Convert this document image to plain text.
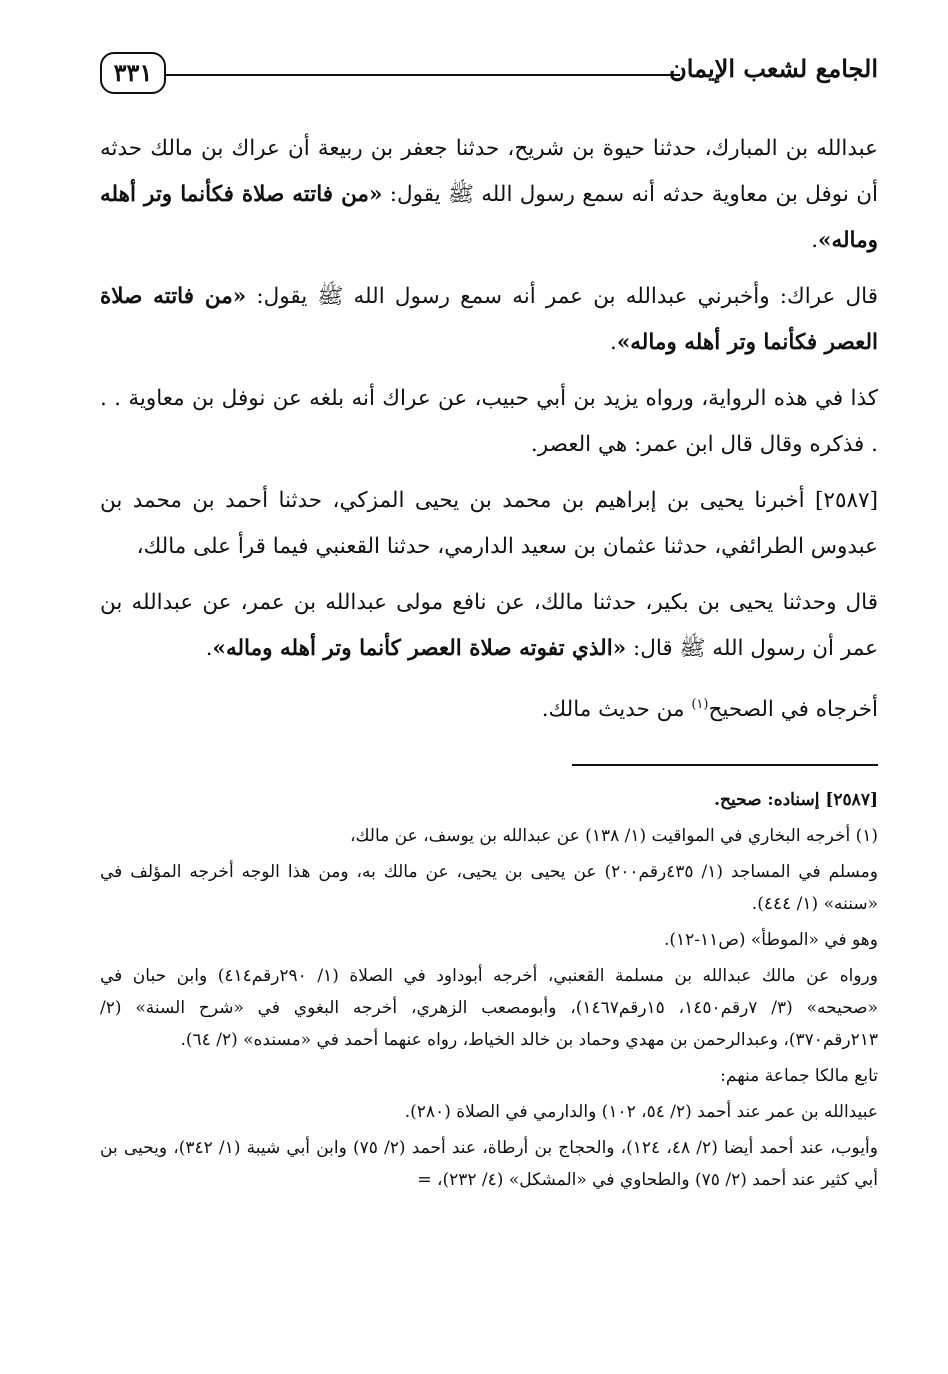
٣٣١	الجامع لشعب الإيمان

عبدالله بن المبارك، حدثنا حيوة بن شريح، حدثنا جعفر بن ربيعة أن عراك بن مالك حدثه أن نوفل بن معاوية حدثه أنه سمع رسول الله ﷺ يقول: «من فاتته صلاة فكأنما وتر أهله وماله».

قال عراك: وأخبرني عبدالله بن عمر أنه سمع رسول الله ﷺ يقول: «من فاتته صلاة العصر فكأنما وتر أهله وماله».

كذا في هذه الرواية، ورواه يزيد بن أبي حبيب، عن عراك أنه بلغه عن نوفل بن معاوية . . . فذكره وقال قال ابن عمر: هي العصر.

[٢٥٨٧] أخبرنا يحيى بن إبراهيم بن محمد بن يحيى المزكي، حدثنا أحمد بن محمد بن عبدوس الطرائفي، حدثنا عثمان بن سعيد الدارمي، حدثنا القعنبي فيما قرأ على مالك،

قال وحدثنا يحيى بن بكير، حدثنا مالك، عن نافع مولى عبدالله بن عمر، عن عبدالله بن عمر أن رسول الله ﷺ قال: «الذي تفوته صلاة العصر كأنما وتر أهله وماله».

أخرجاه في الصحيح$^{(١)}$ من حديث مالك.

[٢٥٨٧] إسناده: صحيح.

(١) أخرجه البخاري في المواقيت (١/ ١٣٨) عن عبدالله بن يوسف، عن مالك،

ومسلم في المساجد (١/ ٤٣٥رقم٢٠٠) عن يحيى بن يحيى، عن مالك به، ومن هذا الوجه أخرجه المؤلف في «سننه» (١/ ٤٤٤).

وهو في «الموطأ» (ص١١-١٢).

ورواه عن مالك عبدالله بن مسلمة القعنبي، أخرجه أبوداود في الصلاة (١/ ٢٩٠رقم٤١٤) وابن حبان في «صحيحه» (٣/ ٧رقم١٤٥٠، ١٥رقم١٤٦٧)، وأبومصعب الزهري، أخرجه البغوي في «شرح السنة» (٢/ ٢١٣رقم٣٧٠)، وعبدالرحمن بن مهدي وحماد بن خالد الخياط، رواه عنهما أحمد في «مسنده» (٢/ ٦٤).

تابع مالكا جماعة منهم:

عبيدالله بن عمر عند أحمد (٢/ ٥٤، ١٠٢) والدارمي في الصلاة (٢٨٠).

وأيوب، عند أحمد أيضا (٢/ ٤٨، ١٢٤)، والحجاج بن أرطاة، عند أحمد (٢/ ٧٥) وابن أبي شيبة (١/ ٣٤٢)، ويحيى بن أبي كثير عند أحمد (٢/ ٧٥) والطحاوي في «المشكل» (٤/ ٢٣٢)، =
